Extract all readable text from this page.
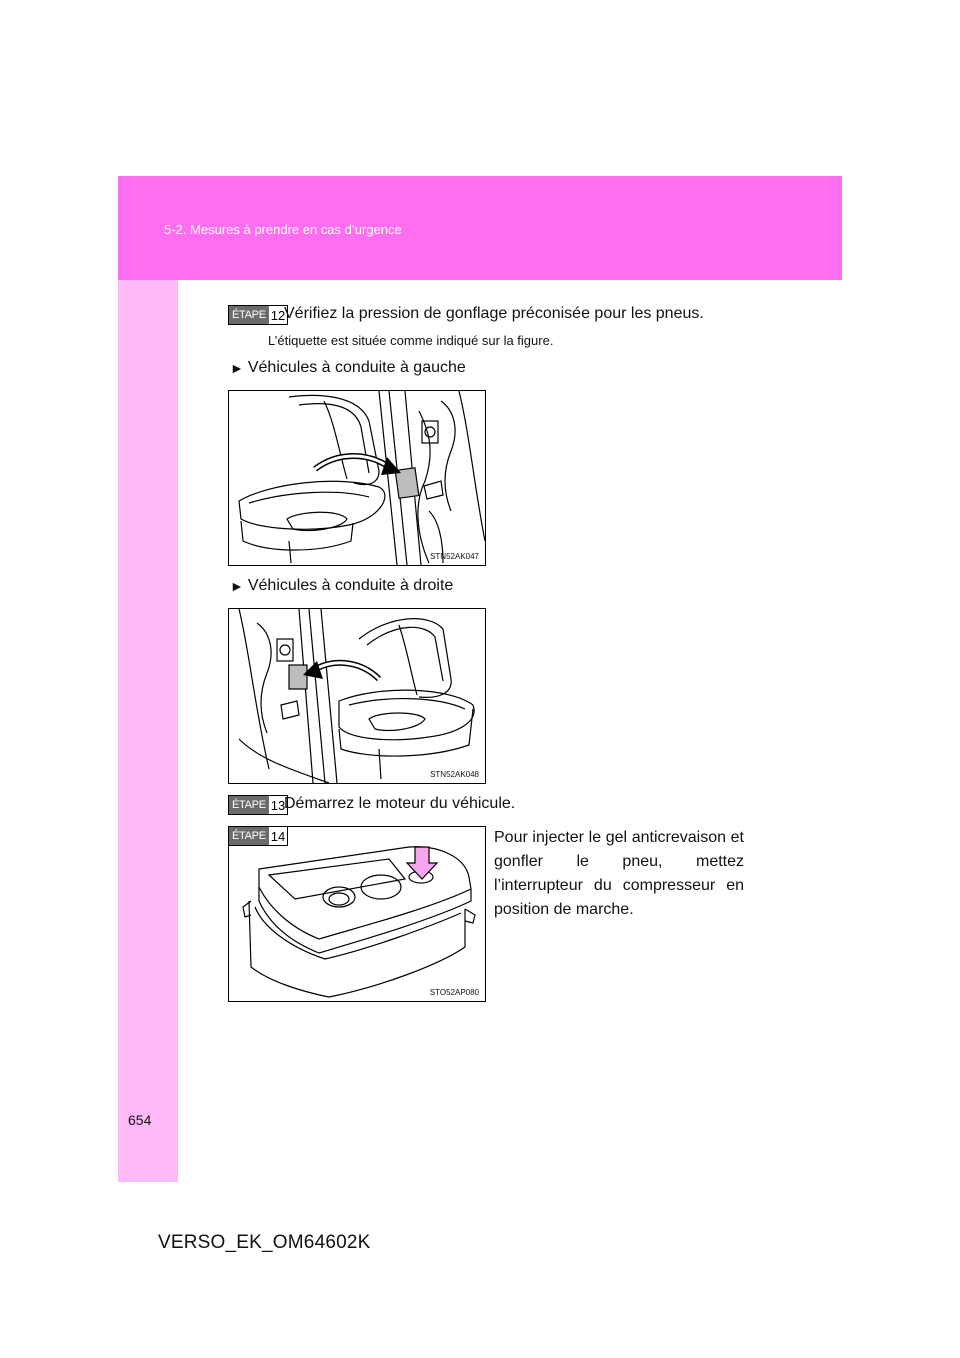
5-2. Mesures à prendre en cas d’urgence
ÉTAPE 12
Vérifiez la pression de gonflage préconisée pour les pneus.
L’étiquette est située comme indiqué sur la figure.
► Véhicules à conduite à gauche
STN52AK047
► Véhicules à conduite à droite
STN52AK048
ÉTAPE 13
Démarrez le moteur du véhicule.
ÉTAPE 14
STO52AP080
Pour injecter le gel anticrevaison et gonfler le pneu, mettez l’interrupteur du compresseur en position de marche.
654
VERSO_EK_OM64602K
